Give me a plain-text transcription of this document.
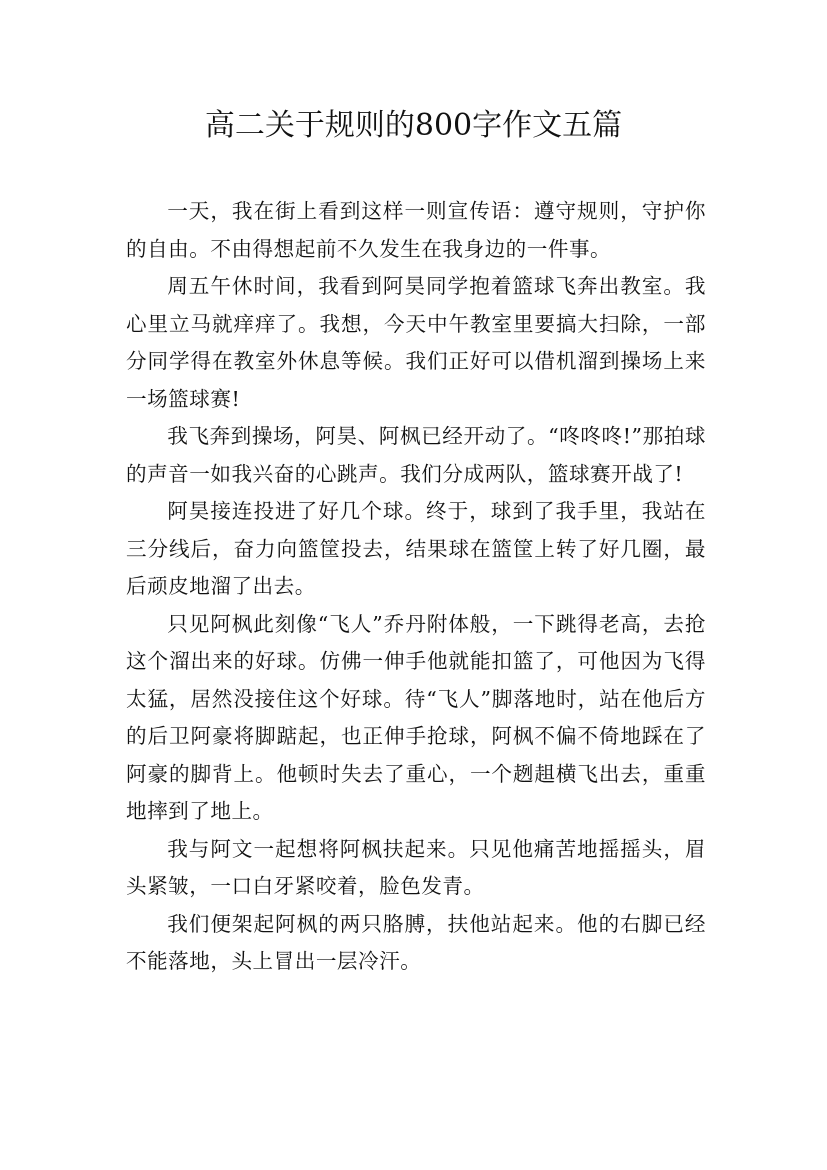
高二关于规则的800字作文五篇

一天，我在街上看到这样一则宣传语：遵守规则，守护你的自由。不由得想起前不久发生在我身边的一件事。

周五午休时间，我看到阿昊同学抱着篮球飞奔出教室。我心里立马就痒痒了。我想，今天中午教室里要搞大扫除，一部分同学得在教室外休息等候。我们正好可以借机溜到操场上来一场篮球赛!

我飞奔到操场，阿昊、阿枫已经开动了。“咚咚咚!”那拍球的声音一如我兴奋的心跳声。我们分成两队，篮球赛开战了!

阿昊接连投进了好几个球。终于，球到了我手里，我站在三分线后，奋力向篮筐投去，结果球在篮筐上转了好几圈，最后顽皮地溜了出去。

只见阿枫此刻像“飞人”乔丹附体般，一下跳得老高，去抢这个溜出来的好球。仿佛一伸手他就能扣篮了，可他因为飞得太猛，居然没接住这个好球。待“飞人”脚落地时，站在他后方的后卫阿豪将脚踮起，也正伸手抢球，阿枫不偏不倚地踩在了阿豪的脚背上。他顿时失去了重心，一个趔趄横飞出去，重重地摔到了地上。

我与阿文一起想将阿枫扶起来。只见他痛苦地摇摇头，眉头紧皱，一口白牙紧咬着，脸色发青。

我们便架起阿枫的两只胳膊，扶他站起来。他的右脚已经不能落地，头上冒出一层冷汗。
